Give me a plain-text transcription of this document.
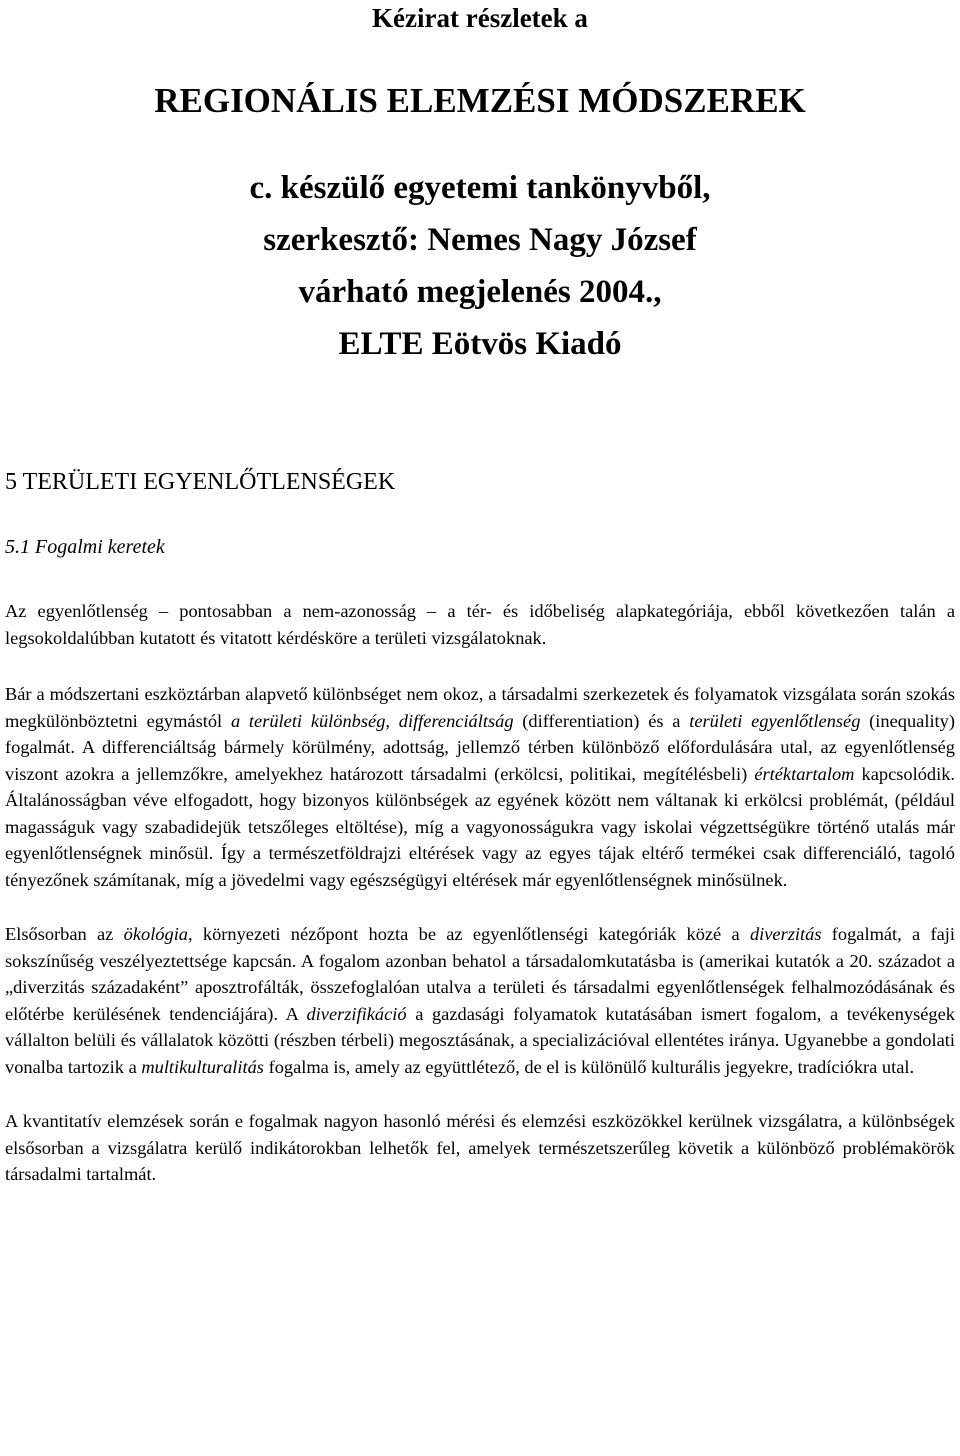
Kézirat részletek a

REGIONÁLIS ELEMZÉSI MÓDSZEREK

c. készülő egyetemi tankönyvből,
szerkesztő: Nemes Nagy József
várható megjelenés 2004.,
ELTE Eötvös Kiadó

5 TERÜLETI EGYENLŐTLENSÉGEK

5.1 Fogalmi keretek

Az egyenlőtlenség – pontosabban a nem-azonosság – a tér- és időbeliség alapkategóriája, ebből következően talán a legsokoldalúbban kutatott és vitatott kérdésköre a területi vizsgálatoknak.

Bár a módszertani eszköztárban alapvető különbséget nem okoz, a társadalmi szerkezetek és folyamatok vizsgálata során szokás megkülönböztetni egymástól a területi különbség, differenciáltság (differentiation) és a területi egyenlőtlenség (inequality) fogalmát. A differenciáltság bármely körülmény, adottság, jellemző térben különböző előfordulására utal, az egyenlőtlenség viszont azokra a jellemzőkre, amelyekhez határozott társadalmi (erkölcsi, politikai, megítélésbeli) értéktartalom kapcsolódik. Általánosságban véve elfogadott, hogy bizonyos különbségek az egyének között nem váltanak ki erkölcsi problémát, (például magasságuk vagy szabadidejük tetszőleges eltöltése), míg a vagyonosságukra vagy iskolai végzettségükre történő utalás már egyenlőtlenségnek minősül. Így a természetföldrajzi eltérések vagy az egyes tájak eltérő termékei csak differenciáló, tagoló tényezőnek számítanak, míg a jövedelmi vagy egészségügyi eltérések már egyenlőtlenségnek minősülnek.

Elsősorban az ökológia, környezeti nézőpont hozta be az egyenlőtlenségi kategóriák közé a diverzitás fogalmát, a faji sokszínűség veszélyeztettsége kapcsán. A fogalom azonban behatol a társadalomkutatásba is (amerikai kutatók a 20. századot a „diverzitás századaként” aposztrofálták, összefoglalóan utalva a területi és társadalmi egyenlőtlenségek felhalmozódásának és előtérbe kerülésének tendenciájára). A diverzifikáció a gazdasági folyamatok kutatásában ismert fogalom, a tevékenységek vállalton belüli és vállalatok közötti (részben térbeli) megosztásának, a specializációval ellentétes iránya. Ugyanebbe a gondolati vonalba tartozik a multikulturalitás fogalma is, amely az együttlétező, de el is különülő kulturális jegyekre, tradíciókra utal.

A kvantitatív elemzések során e fogalmak nagyon hasonló mérési és elemzési eszközökkel kerülnek vizsgálatra, a különbségek elsősorban a vizsgálatra kerülő indikátorokban lelhetők fel, amelyek természetszerűleg követik a különböző problémakörök társadalmi tartalmát.
